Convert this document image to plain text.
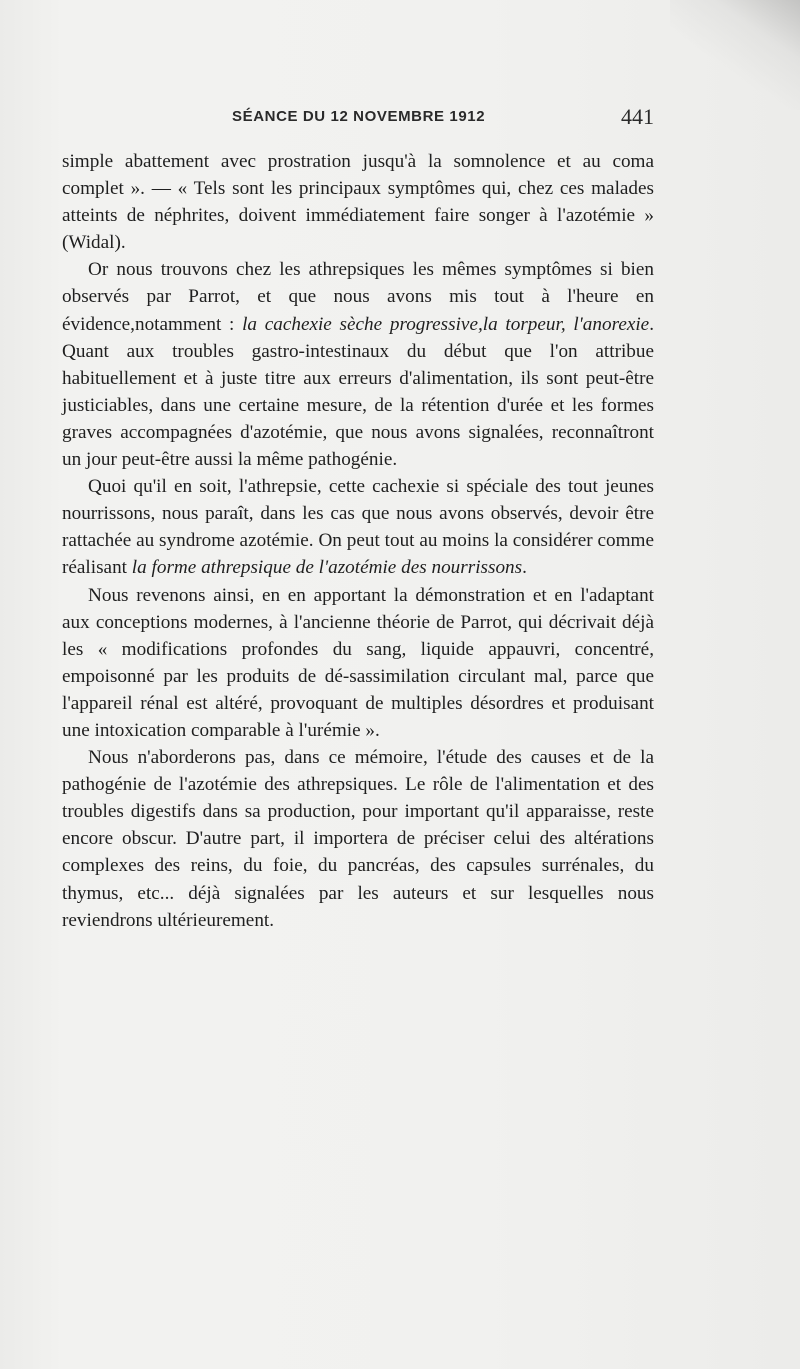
SÉANCE DU 12 NOVEMBRE 1912	441

simple abattement avec prostration jusqu'à la somnolence et au coma complet ». — « Tels sont les principaux symptômes qui, chez ces malades atteints de néphrites, doivent immédiatement faire songer à l'azotémie » (Widal).

Or nous trouvons chez les athrepsiques les mêmes symptômes si bien observés par Parrot, et que nous avons mis tout à l'heure en évidence,notamment : la cachexie sèche progressive,la torpeur, l'anorexie. Quant aux troubles gastro-intestinaux du début que l'on attribue habituellement et à juste titre aux erreurs d'alimentation, ils sont peut-être justiciables, dans une certaine mesure, de la rétention d'urée et les formes graves accompagnées d'azotémie, que nous avons signalées, reconnaîtront un jour peut-être aussi la même pathogénie.

Quoi qu'il en soit, l'athrepsie, cette cachexie si spéciale des tout jeunes nourrissons, nous paraît, dans les cas que nous avons observés, devoir être rattachée au syndrome azotémie. On peut tout au moins la considérer comme réalisant la forme athrepsique de l'azotémie des nourrissons.

Nous revenons ainsi, en en apportant la démonstration et en l'adaptant aux conceptions modernes, à l'ancienne théorie de Parrot, qui décrivait déjà les « modifications profondes du sang, liquide appauvri, concentré, empoisonné par les produits de dé-sassimilation circulant mal, parce que l'appareil rénal est altéré, provoquant de multiples désordres et produisant une intoxication comparable à l'urémie ».

Nous n'aborderons pas, dans ce mémoire, l'étude des causes et de la pathogénie de l'azotémie des athrepsiques. Le rôle de l'alimentation et des troubles digestifs dans sa production, pour important qu'il apparaisse, reste encore obscur. D'autre part, il importera de préciser celui des altérations complexes des reins, du foie, du pancréas, des capsules surrénales, du thymus, etc... déjà signalées par les auteurs et sur lesquelles nous reviendrons ultérieurement.
